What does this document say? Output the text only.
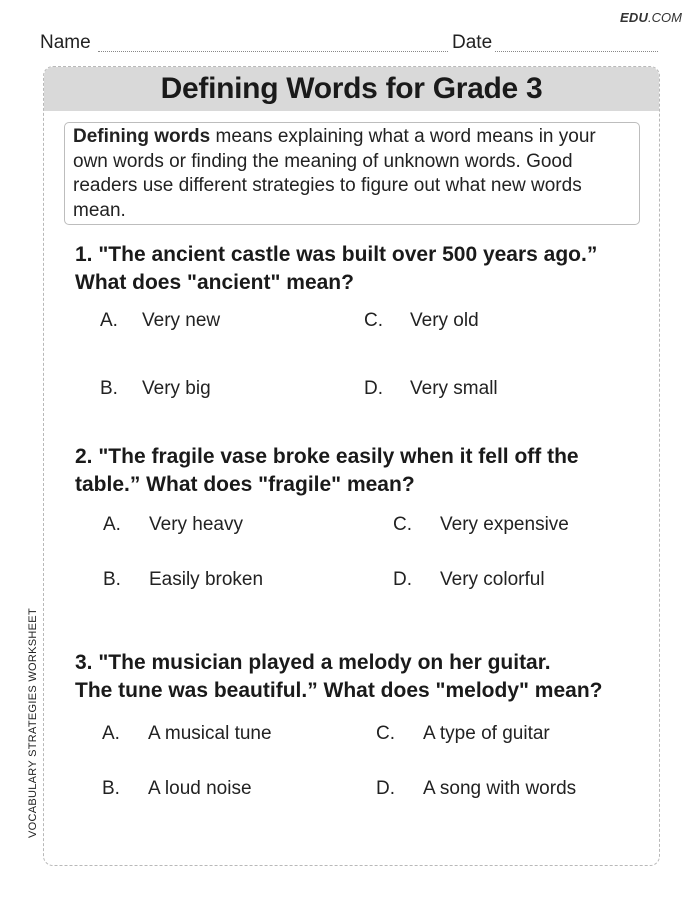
EDU.COM
Name	Date
VOCABULARY STRATEGIES WORKSHEET
Defining Words for Grade 3
Defining words means explaining what a word means in your own words or finding the meaning of unknown words. Good readers use different strategies to figure out what new words mean.
1. "The ancient castle was built over 500 years ago.” What does "ancient" mean?
A. Very new
B. Very big
C. Very old
D. Very small
2. "The fragile vase broke easily when it fell off the table.” What does "fragile" mean?
A. Very heavy
B. Easily broken
C. Very expensive
D. Very colorful
3. "The musician played a melody on her guitar.
The tune was beautiful.” What does "melody" mean?
A. A musical tune
B. A loud noise
C. A type of guitar
D. A song with words
